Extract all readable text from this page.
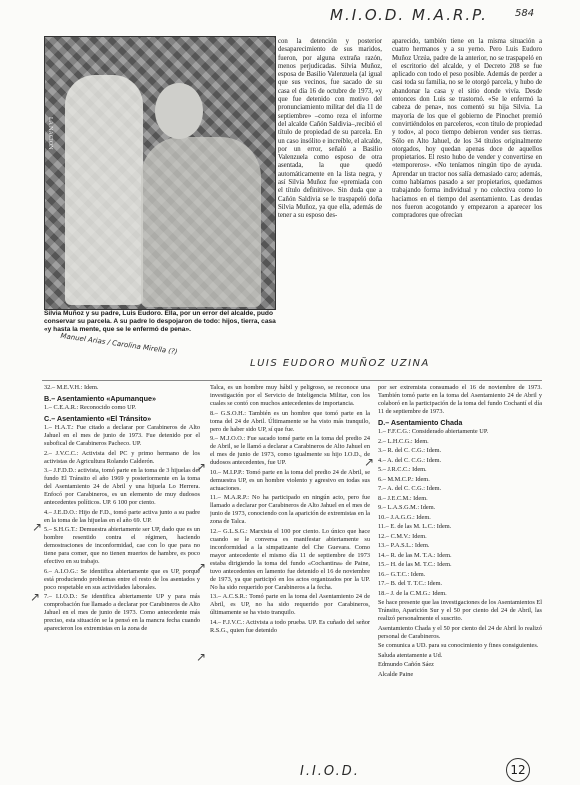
M.I.O.D. M.A.R.P.	584
LA NACION
Silvia Muñoz y su padre, Luis Eudoro. Ella, por un error del alcalde, pudo conservar su parcela. A su padre lo despojaron de todo: hijos, tierra, casa «y hasta la mente, que se le enfermó de pena».
Manuel Arias / Carolina Mirella (?)
LUIS EUDORO MUÑOZ UZINA

con la detención y posterior desaparecimiento de sus maridos, fueron, por alguna extraña razón, menos perjudicadas. Silvia Muñoz, esposa de Basilio Valenzuela (al igual que sus vecinos, fue sacado de su casa el día 16 de octubre de 1973, «y que fue detenido con motivo del pronunciamiento militar del día 11 de septiembre» –como reza el informe del alcalde Cañón Saldivia–,recibió el título de propiedad de su parcela. En un caso insólito e increíble, el alcalde, por un error, señaló a Basilio Valenzuela como esposo de otra asentada, la que quedó automáticamente en la lista negra, y así Silvia Muñoz fue «premiada con el título definitivo». Sin duda que a Cañón Saldivia se le traspapeló doña Silvia Muñoz, ya que ella, además de tener a su esposo des-

aparecido, también tiene en la misma situación a cuatro hermanos y a su yerno. Pero Luis Eudoro Muñoz Urzúa, padre de la anterior, no se traspapeló en el escritorio del alcalde, y el Decreto 208 se fue aplicado con todo el peso posible. Además de perder a casi toda su familia, no se le otorgó parcela, y hubo de abandonar la casa y el sitio donde vivía. Desde entonces don Luis se trastornó. «Se le enfermó la cabeza de pena», nos comentó su hija Silvia. La mayoría de los que el gobierno de Pinochet premió convirtiéndolos en parceleros, «con título de propiedad y todo», al poco tiempo debieron vender sus tierras. Sólo en Alto Jahuel, de los 34 títulos originalmente otorgados, hoy quedan apenas doce de aquellos propietarios. El resto hubo de vender y convertirse en «temporeros». «No teníamos ningún tipo de ayuda. Aprendar un tractor nos salía demasiado caro; además, como habíamos pasado a ser propietarios, quedamos trabajando forma individual y no colectiva como lo hacíamos en el tiempo del asentamiento. Las deudas nos fueron acogotando y empezaron a aparecer los compradores que ofrecían

32.– M.E.V.H.: Idem.

B.– Asentamiento «Apumanque»

1.– C.E.A.R.: Reconocido como UP.

C.– Asentamiento «El Tránsito»

1.– H.A.T.: Fue citado a declarar por Carabineros de Alto Jahuel en el mes de junio de 1973. Fue detenido por el subofical de Carabineros Pacheco. UP.

2.– J.V.C.C.: Activista del PC y primo hermano de los activistas de Agricultura Rolando Calderón.

3.– J.F.D.D.: activista, tomó parte en la toma de 3 hijuelas del fundo El Tránsito el año 1969 y posteriormente en la toma del Asentamiento 24 de Abril y una hijuela Lo Herrera. Enfocó por Carabineros, es un elemento de muy dudosos antecedentes políticos. UP. 6 100 por ciento.

4.– J.E.D.O.: Hijo de F.D., tomó parte activa junto a su padre en la toma de las hijuelas en el año 69. UP.

5.– S.H.G.T.: Demuestra abiertamente ser UP, dado que es un hombre resentido contra el régimen, haciendo demostraciones de inconformidad, cae con lo que para no tiene para comer, que no tienen muertos de hambre, es poco efectivo en su trabajo.

6.– A.I.O.G.: Se identifica abiertamente que es UP, porque está produciendo problemas entre el resto de los asentados y poco respetable en sus actividades laborales.

7.– I.I.O.D.: Se identifica abiertamente UP y para más comprobación fue llamado a declarar por Carabineros de Alto Jahuel en el mes de junio de 1973. Como antecedente más preciso, esta situación se la pensó en la mancra fecha cuando aparecieron los extremistas en la zona de

Talca, es un hombre muy hábil y peligroso, se reconoce una investigación por el Servicio de Inteligencia Militar, con los cuales se contó con muchos antecedentes de importancia.

8.– G.S.O.H.: También es un hombre que tomó parte en la toma del 24 de Abril. Últimamente se ha visto más tranquilo, pero de haber sido UP, sí que fue.

9.– M.J.O.O.: Fue sacado tomé parte en la toma del predio 24 de Abril, se le llamó a declarar a Carabineros de Alto Jahuel en el mes de junio de 1973, como igualmente su hijo I.O.D., de dudosos antecedentes, fue UP.

10.– M.I.P.P.: Tomó parte en la toma del predio 24 de Abril, se demuestra UP, es un hombre violento y agresivo en todas sus actuaciones.

11.– M.A.R.P.: No ha participado en ningún acto, pero fue llamado a declarar por Carabineros de Alto Jahuel en el mes de junio de 1973, conociendo con la aparición de extremistas en la zona de Talca.

12.– G.L.S.G.: Marxista el 100 por ciento. Lo único que hace cuando se le conversa es manifestar abiertamente su inconformidad a la simpatizante del Che Guevara. Como mayor antecedente el mismo día 11 de septiembre de 1973 estaba dirigiendo la toma del fundo «Cochantina» de Paine, tuvo antecedentes en lamento fue detenido el 16 de noviembre de 1973, ya que participó en los actos organizados por la UP. No ha sido requerido por Carabineros a la fecha.

13.– A.C.S.R.: Tomó parte en la toma del Asentamiento 24 de Abril, es UP, no ha sido requerido por Carabineros, últimamente se ha visto tranquilo.

14.– F.J.V.C.: Activista a todo prueba. UP. Es cuñado del señor R.S.G., quien fue detenido

por ser extremista consumado el 16 de noviembre de 1973. También tomó parte en la toma del Asentamiento 24 de Abril y colaboró en la participación de la toma del fundo Cochantí el día 11 de septiembre de 1973.

D.– Asentamiento Chada

1.– F.F.C.G.: Considerado abiertamente UP.

2.– L.H.C.G.: Idem.

3.– R. del C. C.G.: Idem.

4.– A. del C. C.G.: Idem.

5.– J.R.C.C.: Idem.

6.– M.M.C.P.: Idem.

7.– A. del C. C.G.: Idem.

8.– J.E.C.M.: Idem.

9.– L.A.S.G.M.: Idem.

10.– J.A.G.G.: Idem.

11.– E. de las M. L.C.: Idem.

12.– C.M.V.: Idem.

13.– P.A.S.L.: Idem.

14.– R. de las M. T.A.: Idem.

15.– H. de las M. T.C.: Idem.

16.– G.T.C.: Idem.

17.– B. del T. T.C.: Idem.

18.– J. de la C.M.G.: Idem.

Se hace presente que las investigaciones de los Asentamientos El Tránsito, Aparición Sur y el 50 por ciento del 24 de Abril, las realizó personalmente el suscrito.

Asentamiento Chada y el 50 por ciento del 24 de Abril lo realizó personal de Carabineros.

Se comunica a UD. para su conocimiento y fines consiguientes.

Saluda atentamente a Ud.

Edmundo Cañón Sáez

Alcalde Paine

↗
↗
↗
↗
↗
↗
I.I.O.D.	12
